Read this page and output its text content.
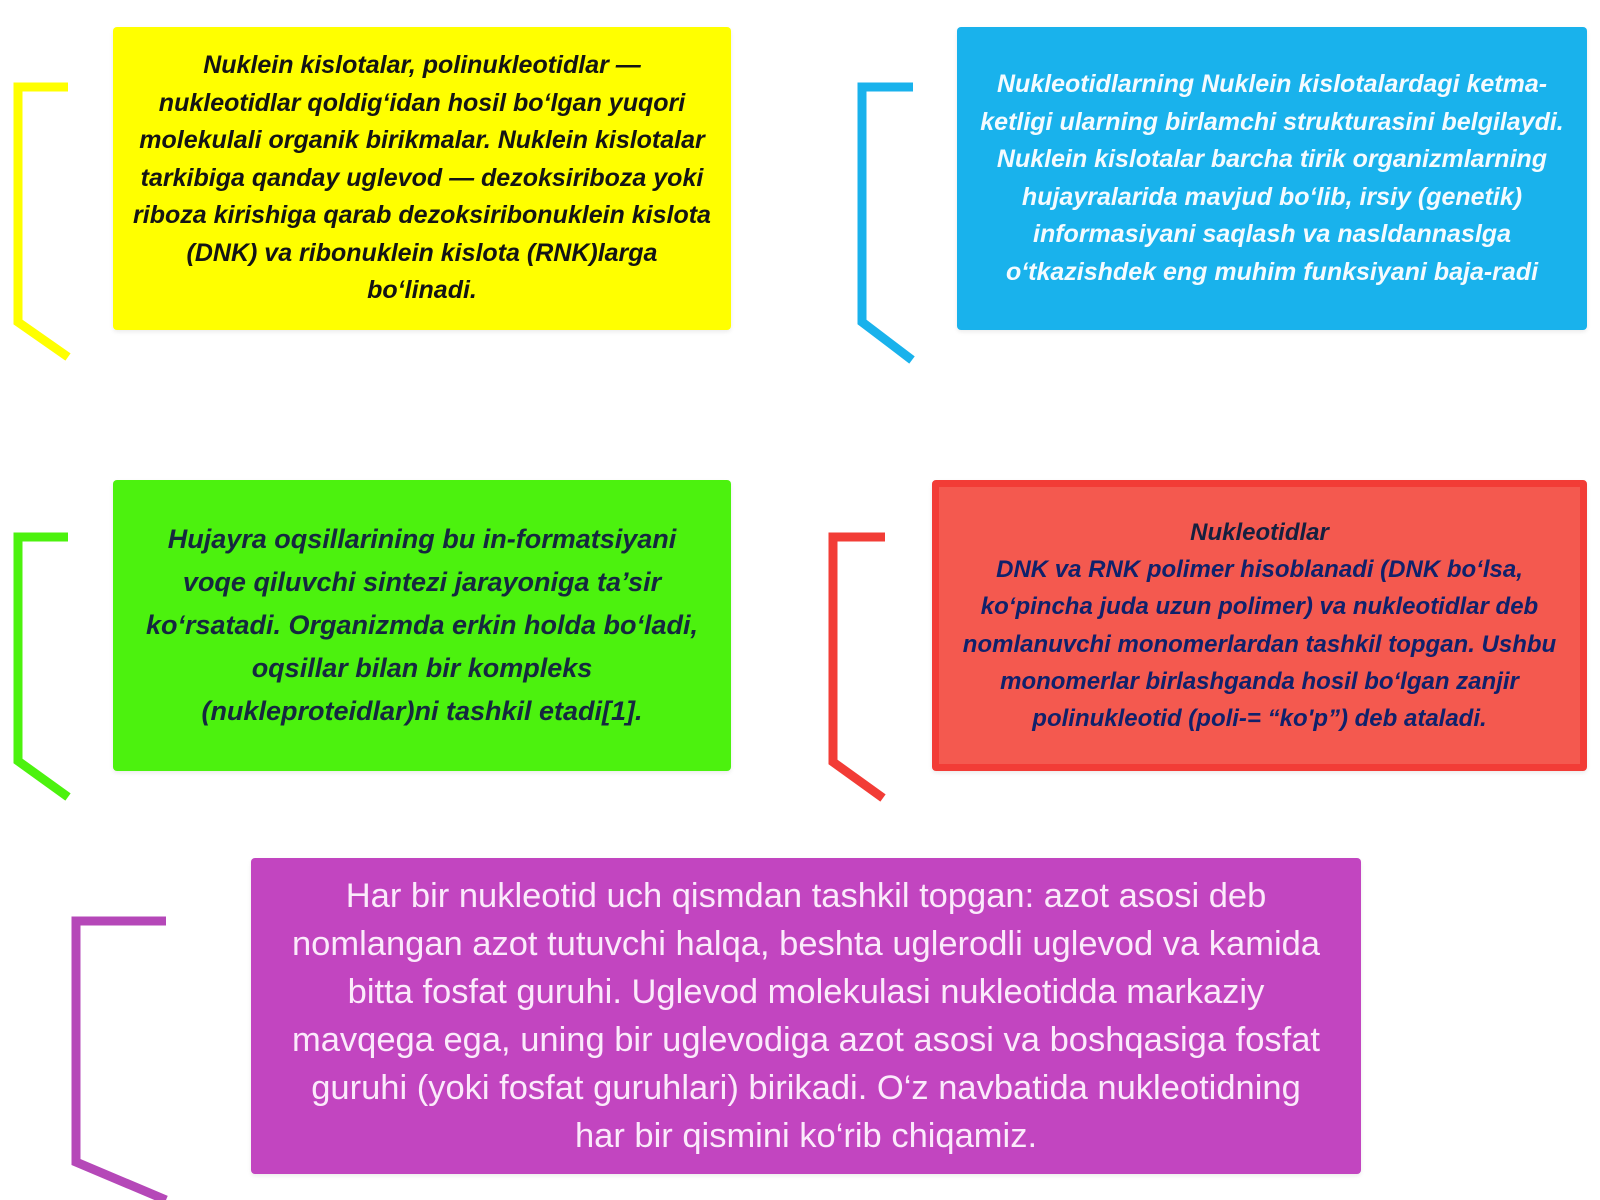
Nuklein kislotalar, polinukleotidlar — nukleotidlar qoldig‘idan hosil bo‘lgan yuqori molekulali organik birikmalar. Nuklein kislotalar tarkibiga qanday uglevod — dezoksiriboza yoki riboza kirishiga qarab dezoksiribonuklein kislota (DNK) va ribonuklein kislota (RNK)larga bo‘linadi.

Nukleotidlarning Nuklein kislotalardagi ketma-ketligi ularning birlamchi strukturasini belgilaydi. Nuklein kislotalar barcha tirik organizmlarning hujayralarida mavjud bo‘lib, irsiy (genetik) informasiyani saqlash va nasldannaslga o‘tkazishdek eng muhim funksiyani baja-radi

Hujayra oqsillarining bu in-formatsiyani voqe qiluvchi sintezi jarayoniga ta’sir ko‘rsatadi. Organizmda erkin holda bo‘ladi, oqsillar bilan bir kompleks (nukleproteidlar)ni tashkil etadi[1].

Nukleotidlar

DNK va RNK polimer hisoblanadi (DNK bo‘lsa, ko‘pincha juda uzun polimer) va nukleotidlar deb nomlanuvchi monomerlardan tashkil topgan. Ushbu monomerlar birlashganda hosil bo‘lgan zanjir polinukleotid (poli-= “ko'p”) deb ataladi.

Har bir nukleotid uch qismdan tashkil topgan: azot asosi deb nomlangan azot tutuvchi halqa, beshta uglerodli uglevod va kamida bitta fosfat guruhi. Uglevod molekulasi nukleotidda markaziy mavqega ega, uning bir uglevodiga azot asosi va boshqasiga fosfat guruhi (yoki fosfat guruhlari) birikadi. O‘z navbatida nukleotidning har bir qismini ko‘rib chiqamiz.
